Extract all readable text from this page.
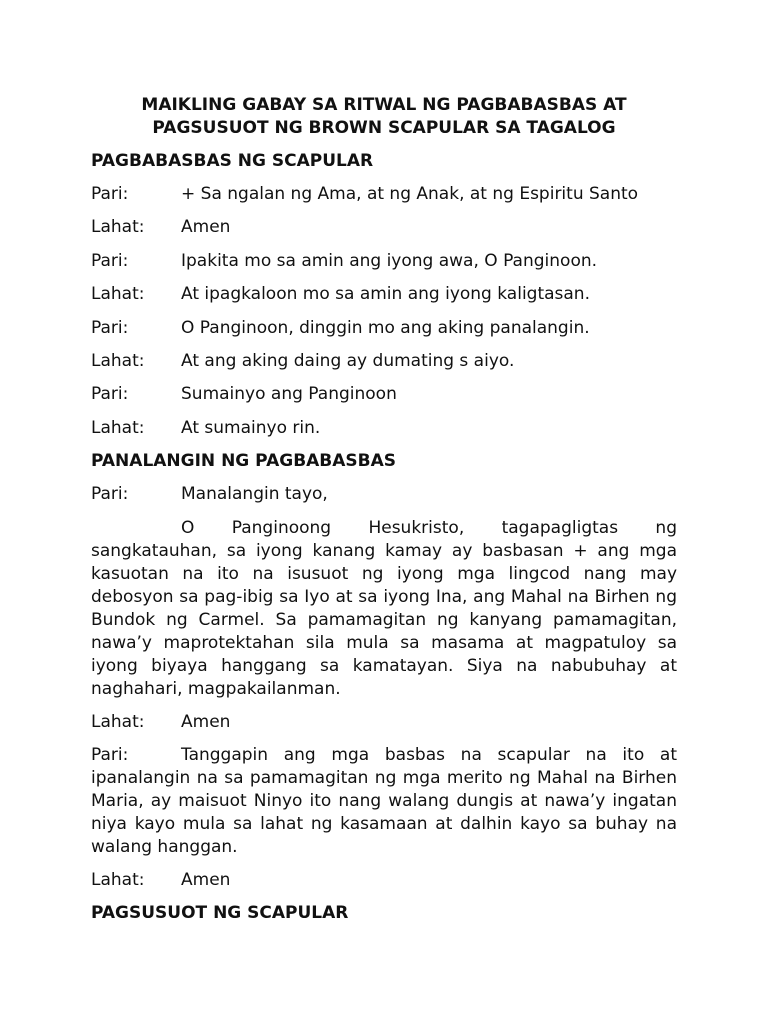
MAIKLING GABAY SA RITWAL NG PAGBABASBAS AT
PAGSUSUOT NG BROWN SCAPULAR SA TAGALOG
PAGBABASBAS NG SCAPULAR
Pari:	+ Sa ngalan ng Ama, at ng Anak, at ng Espiritu Santo
Lahat:	Amen
Pari:	Ipakita mo sa amin ang iyong awa, O Panginoon.
Lahat:	At ipagkaloon mo sa amin ang iyong kaligtasan.
Pari:	O Panginoon, dinggin mo ang aking panalangin.
Lahat:	At ang aking daing ay dumating s aiyo.
Pari:	Sumainyo ang Panginoon
Lahat:	At sumainyo rin.
PANALANGIN NG PAGBABASBAS
Pari:	Manalangin tayo,

O Panginoong Hesukristo, tagapagligtas ng sangkatauhan, sa iyong kanang kamay ay basbasan + ang mga kasuotan na ito na isusuot ng iyong mga lingcod nang may debosyon sa pag-ibig sa Iyo at sa iyong Ina, ang Mahal na Birhen ng Bundok ng Carmel. Sa pamamagitan ng kanyang pamamagitan, nawa’y maprotektahan sila mula sa masama at magpatuloy sa iyong biyaya hanggang sa kamatayan. Siya na nabubuhay at naghahari, magpakailanman.

Lahat:	Amen

Pari:	Tanggapin ang mga basbas na scapular na ito at ipanalangin na sa pamamagitan ng mga merito ng Mahal na Birhen Maria, ay maisuot Ninyo ito nang walang dungis at nawa’y ingatan niya kayo mula sa lahat ng kasamaan at dalhin kayo sa buhay na walang hanggan.

Lahat:	Amen
PAGSUSUOT NG SCAPULAR
